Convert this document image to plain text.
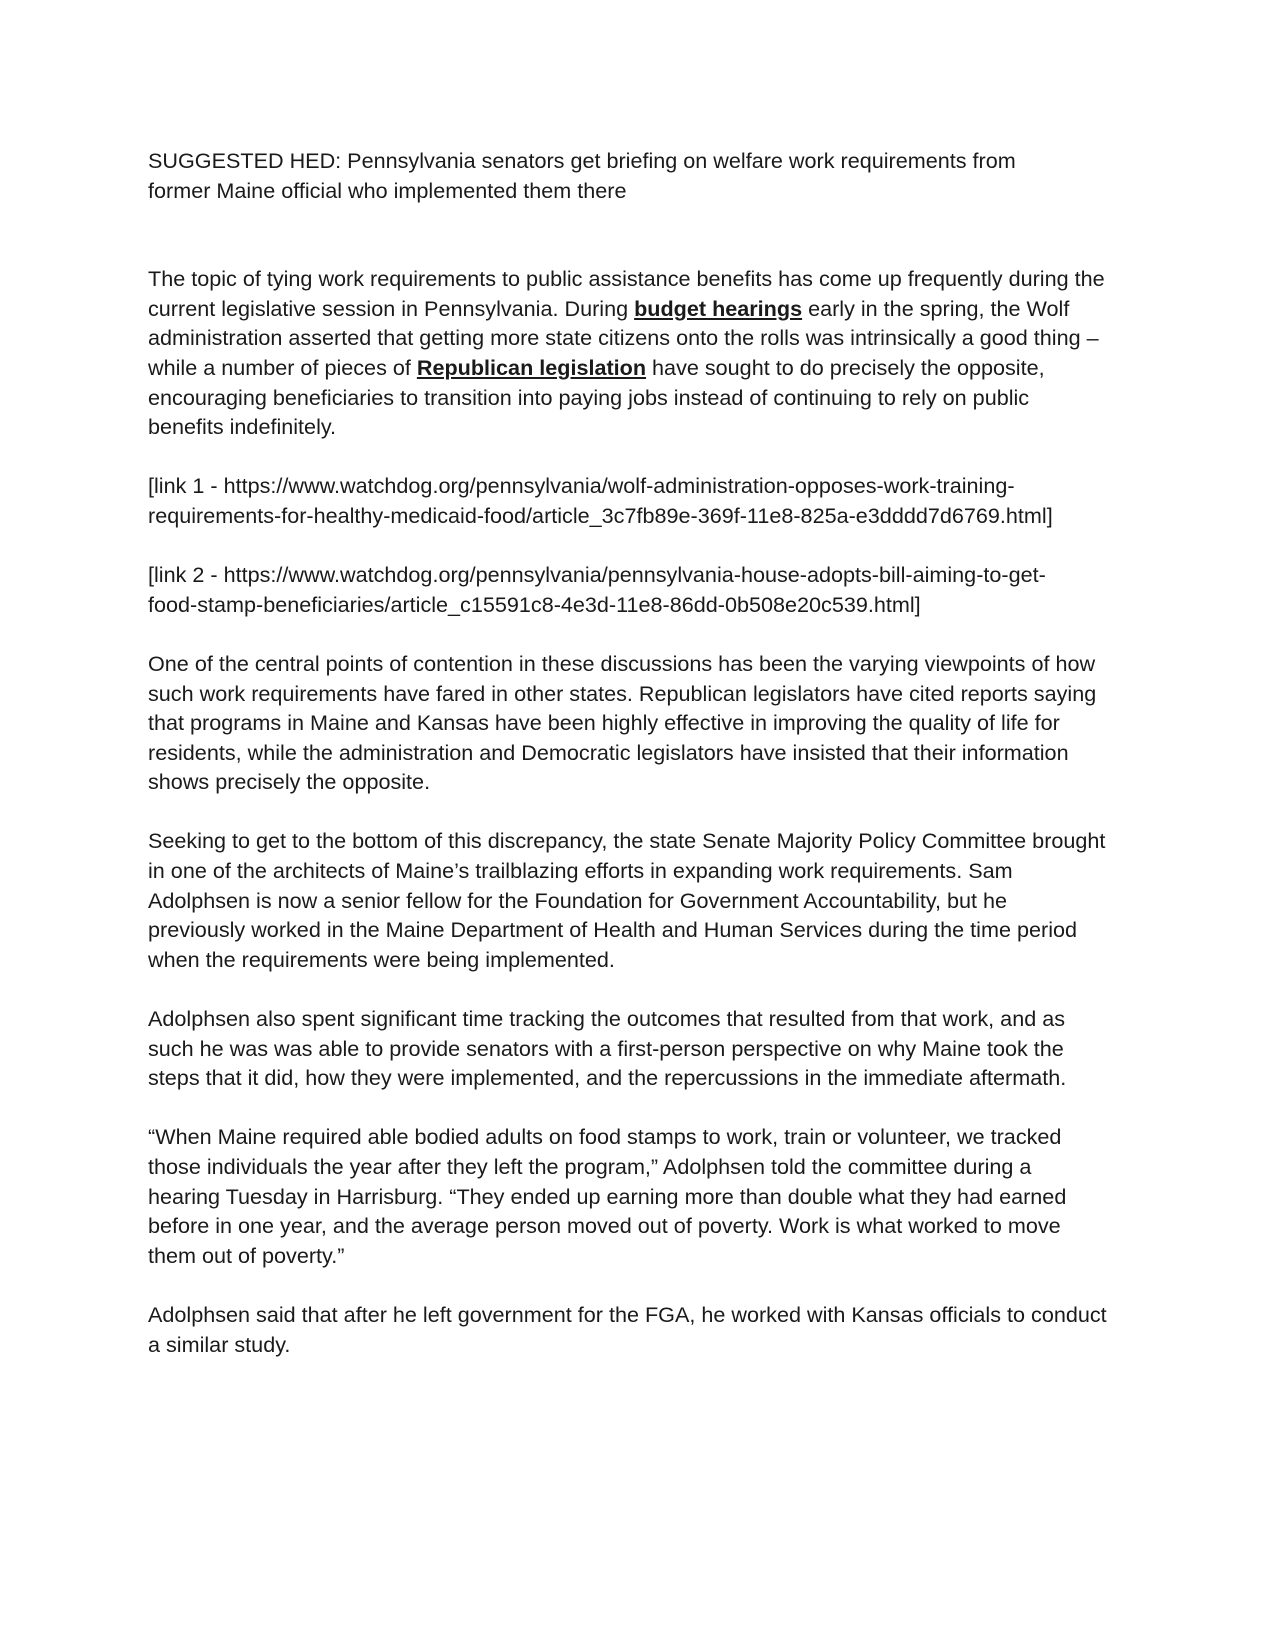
SUGGESTED HED: Pennsylvania senators get briefing on welfare work requirements from
former Maine official who implemented them there

The topic of tying work requirements to public assistance benefits has come up frequently during the current legislative session in Pennsylvania. During budget hearings early in the spring, the Wolf administration asserted that getting more state citizens onto the rolls was intrinsically a good thing – while a number of pieces of Republican legislation have sought to do precisely the opposite, encouraging beneficiaries to transition into paying jobs instead of continuing to rely on public benefits indefinitely.

[link 1 - https://www.watchdog.org/pennsylvania/wolf-administration-opposes-work-training-
requirements-for-healthy-medicaid-food/article_3c7fb89e-369f-11e8-825a-e3dddd7d6769.html]

[link 2 - https://www.watchdog.org/pennsylvania/pennsylvania-house-adopts-bill-aiming-to-get-
food-stamp-beneficiaries/article_c15591c8-4e3d-11e8-86dd-0b508e20c539.html]

One of the central points of contention in these discussions has been the varying viewpoints of how such work requirements have fared in other states. Republican legislators have cited reports saying that programs in Maine and Kansas have been highly effective in improving the quality of life for residents, while the administration and Democratic legislators have insisted that their information shows precisely the opposite.

Seeking to get to the bottom of this discrepancy, the state Senate Majority Policy Committee brought in one of the architects of Maine’s trailblazing efforts in expanding work requirements. Sam Adolphsen is now a senior fellow for the Foundation for Government Accountability, but he previously worked in the Maine Department of Health and Human Services during the time period when the requirements were being implemented.

Adolphsen also spent significant time tracking the outcomes that resulted from that work, and as such he was was able to provide senators with a first-person perspective on why Maine took the steps that it did, how they were implemented, and the repercussions in the immediate aftermath.

“When Maine required able bodied adults on food stamps to work, train or volunteer, we tracked those individuals the year after they left the program,” Adolphsen told the committee during a hearing Tuesday in Harrisburg. “They ended up earning more than double what they had earned before in one year, and the average person moved out of poverty. Work is what worked to move them out of poverty.”

Adolphsen said that after he left government for the FGA, he worked with Kansas officials to conduct a similar study.
